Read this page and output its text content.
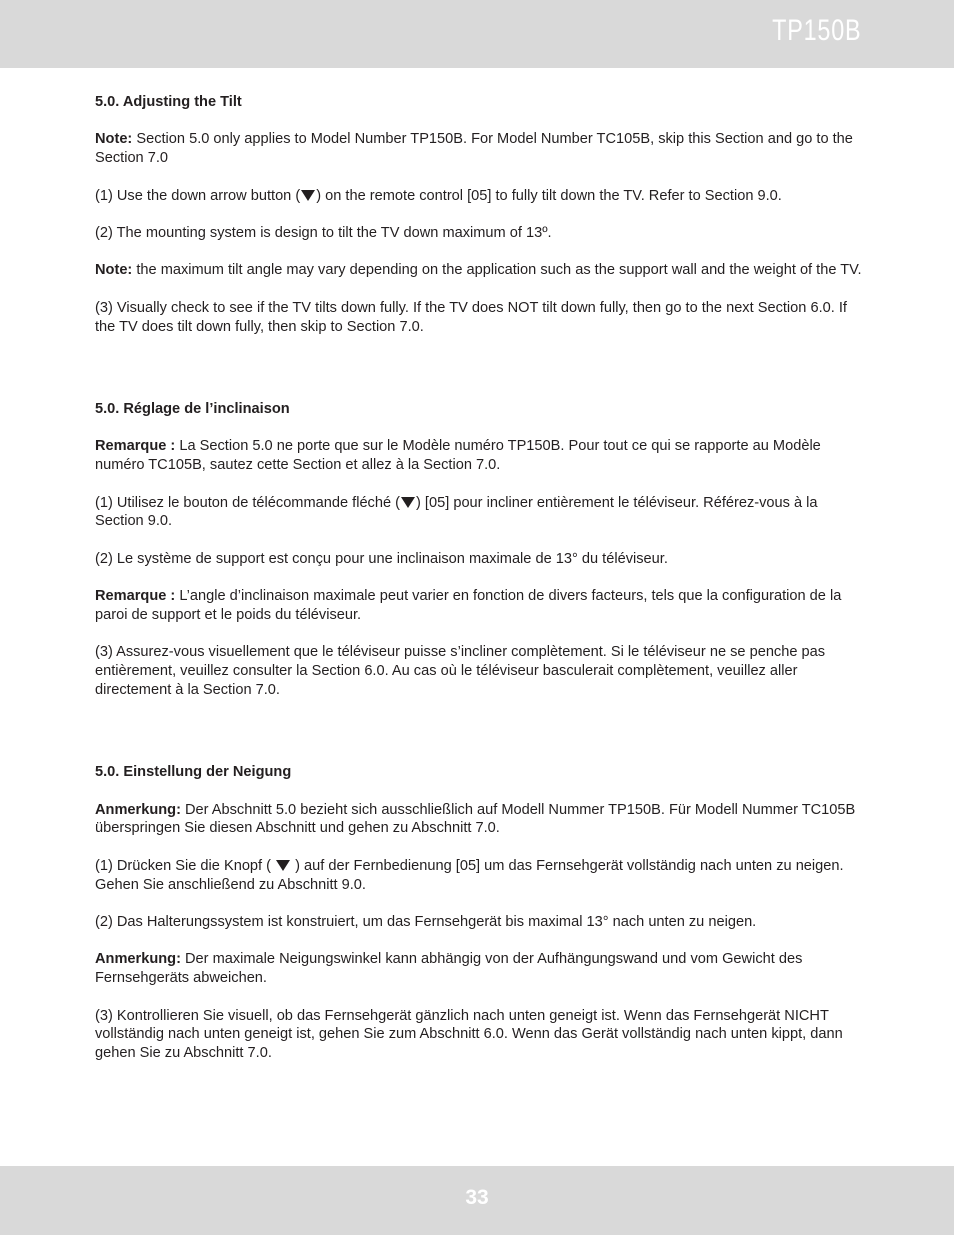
TP150B
5.0. Adjusting the Tilt

Note: Section 5.0 only applies to Model Number TP150B. For Model Number TC105B, skip this Section and go to the Section 7.0

(1) Use the down arrow button ( ) on the remote control [05] to fully tilt down the TV. Refer to Section 9.0.

(2) The mounting system is design to tilt the TV down maximum of 13º.

Note: the maximum tilt angle may vary depending on the application such as the support wall and the weight of the TV.

(3) Visually check to see if the TV tilts down fully. If the TV does NOT tilt down fully, then go to the next Section 6.0. If the TV does tilt down fully, then skip to Section 7.0.

5.0. Réglage de l’inclinaison

Remarque : La Section 5.0 ne porte que sur le Modèle numéro TP150B. Pour tout ce qui se rapporte au Modèle numéro TC105B, sautez cette Section et allez à la Section 7.0.

(1) Utilisez le bouton de télécommande fléché ( ) [05] pour incliner entièrement le téléviseur. Référez-vous à la Section 9.0.

(2) Le système de support est conçu pour une inclinaison maximale de 13° du téléviseur.

Remarque : L’angle d’inclinaison maximale peut varier en fonction de divers facteurs, tels que la configuration de la paroi de support et le poids du téléviseur.

(3) Assurez-vous visuellement que le téléviseur puisse s’incliner complètement. Si le téléviseur ne se penche pas entièrement, veuillez consulter la Section 6.0. Au cas où le téléviseur basculerait complètement, veuillez aller directement à la Section 7.0.

5.0. Einstellung der Neigung

Anmerkung: Der Abschnitt 5.0 bezieht sich ausschließlich auf Modell Nummer TP150B. Für Modell Nummer TC105B überspringen Sie diesen Abschnitt und gehen zu Abschnitt 7.0.

(1) Drücken Sie die Knopf (  ) auf der Fernbedienung [05] um das Fernsehgerät vollständig nach unten zu neigen. Gehen Sie anschließend zu Abschnitt 9.0.

(2) Das Halterungssystem ist konstruiert, um das Fernsehgerät bis maximal 13° nach unten zu neigen.

Anmerkung: Der maximale Neigungswinkel kann abhängig von der Aufhängungswand und vom Gewicht des Fernsehgeräts abweichen.

(3) Kontrollieren Sie visuell, ob das Fernsehgerät gänzlich nach unten geneigt ist. Wenn das Fernsehgerät NICHT vollständig nach unten geneigt ist, gehen Sie zum Abschnitt 6.0. Wenn das Gerät vollständig nach unten kippt, dann gehen Sie zu Abschnitt 7.0.

33
